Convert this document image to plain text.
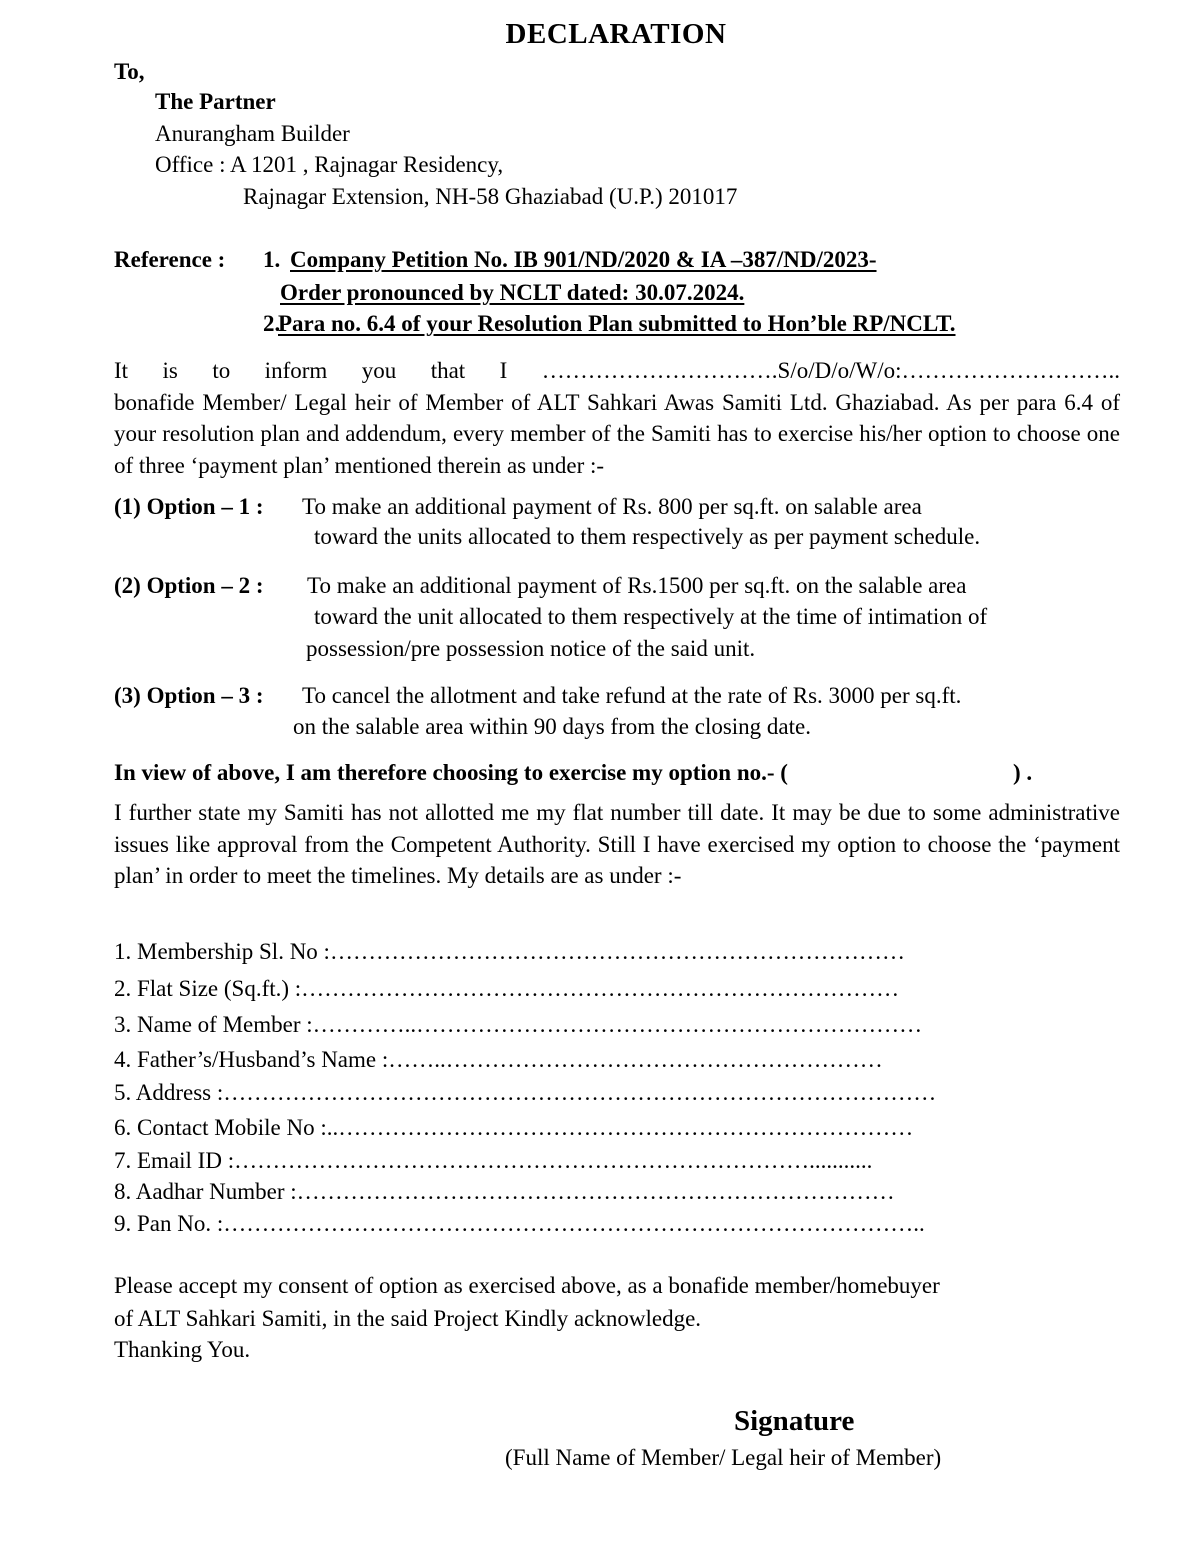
DECLARATION
To,
The Partner
Anurangham Builder
Office : A 1201 , Rajnagar Residency,
Rajnagar Extension, NH-58 Ghaziabad (U.P.) 201017
Reference : 1. Company Petition No. IB 901/ND/2020 & IA –387/ND/2023-
Order pronounced by NCLT dated: 30.07.2024.
2.
Para no. 6.4 of your Resolution Plan submitted to Hon’ble RP/NCLT.
It is to inform you that I ………………………….S/o/D/o/W/o:………………………..
bonafide Member/ Legal heir of Member of ALT Sahkari Awas Samiti Ltd. Ghaziabad. As per para 6.4 of your resolution plan and addendum, every member of the Samiti has to exercise his/her option to choose one of three ‘payment plan’ mentioned therein as under :-
(1) Option – 1 : To make an additional payment of Rs. 800 per sq.ft. on salable area
toward the units allocated to them respectively as per payment schedule.
(2) Option – 2 : To make an additional payment of Rs.1500 per sq.ft. on the salable area
toward the unit allocated to them respectively at the time of intimation of
possession/pre possession notice of the said unit.
(3) Option – 3 : To cancel the allotment and take refund at the rate of Rs. 3000 per sq.ft.
on the salable area within 90 days from the closing date.
In view of above, I am therefore choosing to exercise my option no.- (	) .
I further state my Samiti has not allotted me my flat number till date. It may be due to some administrative issues like approval from the Competent Authority. Still I have exercised my option to choose the ‘payment plan’ in order to meet the timelines. My details are as under :-
1. Membership Sl. No :…………………………………………………………………
2. Flat Size (Sq.ft.) :……………………………………………………………………
3. Name of Member :…………..…………………………………………………………
4. Father’s/Husband’s Name :……..…………………………………………………
5. Address :…………………………………………………………………………………
6. Contact Mobile No :..…………………………………………………………………
7. Email ID :…………………………………………………………………...........
8. Aadhar Number :……………………………………………………………………
9. Pan No. :………………………………………………………………………………..
Please accept my consent of option as exercised above, as a bonafide member/homebuyer
of ALT Sahkari Samiti, in the said Project Kindly acknowledge.
Thanking You.
Signature
(Full Name of Member/ Legal heir of Member)
